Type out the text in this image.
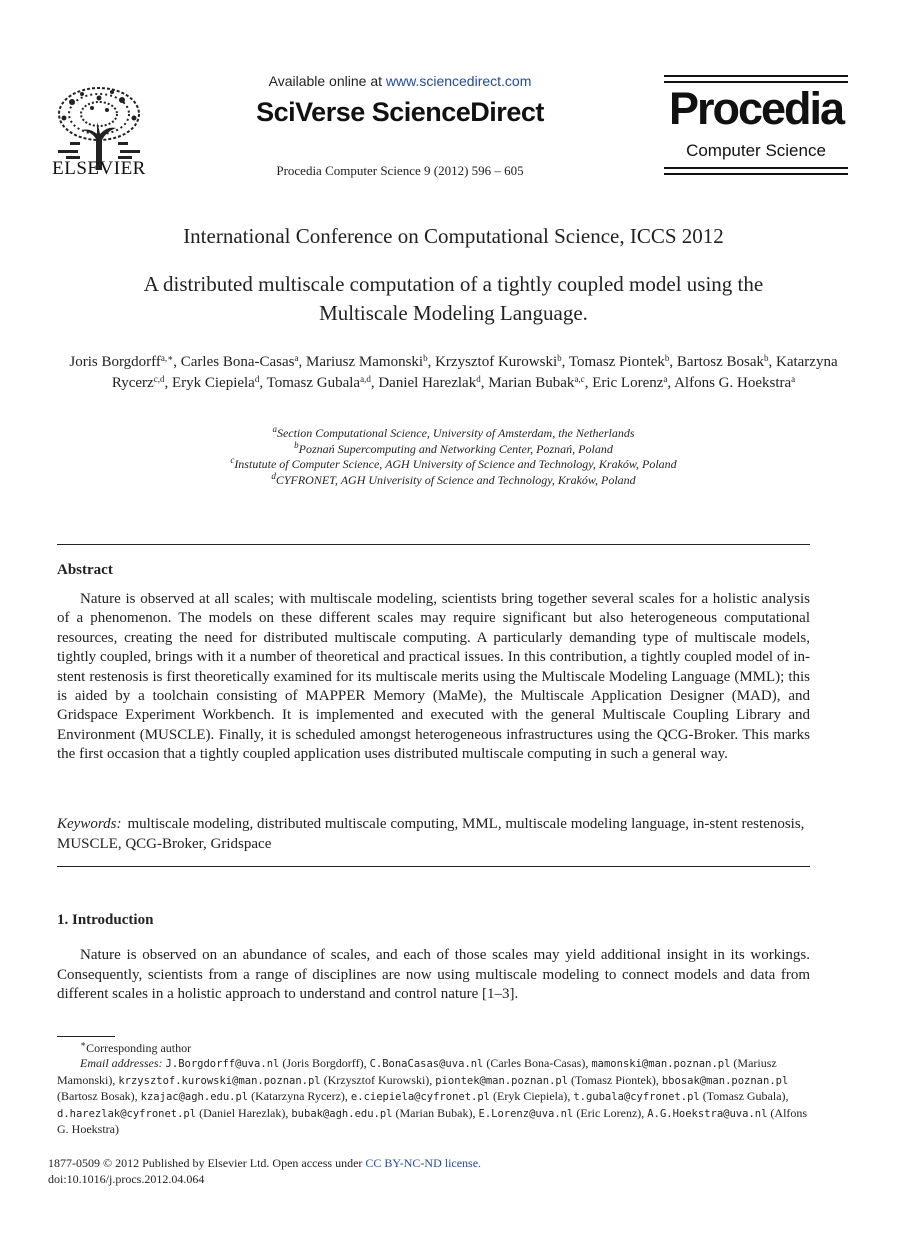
ELSEVIER
Available online at www.sciencedirect.com
SciVerse ScienceDirect
Procedia Computer Science 9 (2012) 596 – 605
Procedia
Computer Science
International Conference on Computational Science, ICCS 2012
A distributed multiscale computation of a tightly coupled model using the
Multiscale Modeling Language.
Joris Borgdorff$^{a,∗}$, Carles Bona-Casas$^a$, Mariusz Mamonski$^b$, Krzysztof Kurowski$^b$, Tomasz Piontek$^b$, Bartosz Bosak$^b$, Katarzyna Rycerz$^{c,d}$, Eryk Ciepiela$^d$, Tomasz Gubala$^{a,d}$, Daniel Harezlak$^d$, Marian Bubak$^{a,c}$, Eric Lorenz$^a$, Alfons G. Hoekstra$^a$
$^a$Section Computational Science, University of Amsterdam, the Netherlands
$^b$Poznań Supercomputing and Networking Center, Poznań, Poland
$^c$Instutute of Computer Science, AGH University of Science and Technology, Kraków, Poland
$^d$CYFRONET, AGH Univerisity of Science and Technology, Kraków, Poland
Abstract

Nature is observed at all scales; with multiscale modeling, scientists bring together several scales for a holistic analysis of a phenomenon. The models on these different scales may require significant but also heterogeneous computational resources, creating the need for distributed multiscale computing. A particularly demanding type of multiscale models, tightly coupled, brings with it a number of theoretical and practical issues. In this contribution, a tightly coupled model of in-stent restenosis is first theoretically examined for its multiscale merits using the Multiscale Modeling Language (MML); this is aided by a toolchain consisting of MAPPER Memory (MaMe), the Multiscale Application Designer (MAD), and Gridspace Experiment Workbench. It is implemented and executed with the general Multiscale Coupling Library and Environment (MUSCLE). Finally, it is scheduled amongst heterogeneous infrastructures using the QCG-Broker. This marks the first occasion that a tightly coupled application uses distributed multiscale computing in such a general way.

Keywords: multiscale modeling, distributed multiscale computing, MML, multiscale modeling language, in-stent restenosis, MUSCLE, QCG-Broker, Gridspace
1. Introduction

Nature is observed on an abundance of scales, and each of those scales may yield additional insight in its workings. Consequently, scientists from a range of disciplines are now using multiscale modeling to connect models and data from different scales in a holistic approach to understand and control nature [1–3].

∗Corresponding author
Email addresses: J.Borgdorff@uva.nl (Joris Borgdorff), C.BonaCasas@uva.nl (Carles Bona-Casas), mamonski@man.poznan.pl (Mariusz Mamonski), krzysztof.kurowski@man.poznan.pl (Krzysztof Kurowski), piontek@man.poznan.pl (Tomasz Piontek), bbosak@man.poznan.pl (Bartosz Bosak), kzajac@agh.edu.pl (Katarzyna Rycerz), e.ciepiela@cyfronet.pl (Eryk Ciepiela), t.gubala@cyfronet.pl (Tomasz Gubala), d.harezlak@cyfronet.pl (Daniel Harezlak), bubak@agh.edu.pl (Marian Bubak), E.Lorenz@uva.nl (Eric Lorenz), A.G.Hoekstra@uva.nl (Alfons G. Hoekstra)
1877-0509 © 2012 Published by Elsevier Ltd. Open access under CC BY-NC-ND license.
doi:10.1016/j.procs.2012.04.064
